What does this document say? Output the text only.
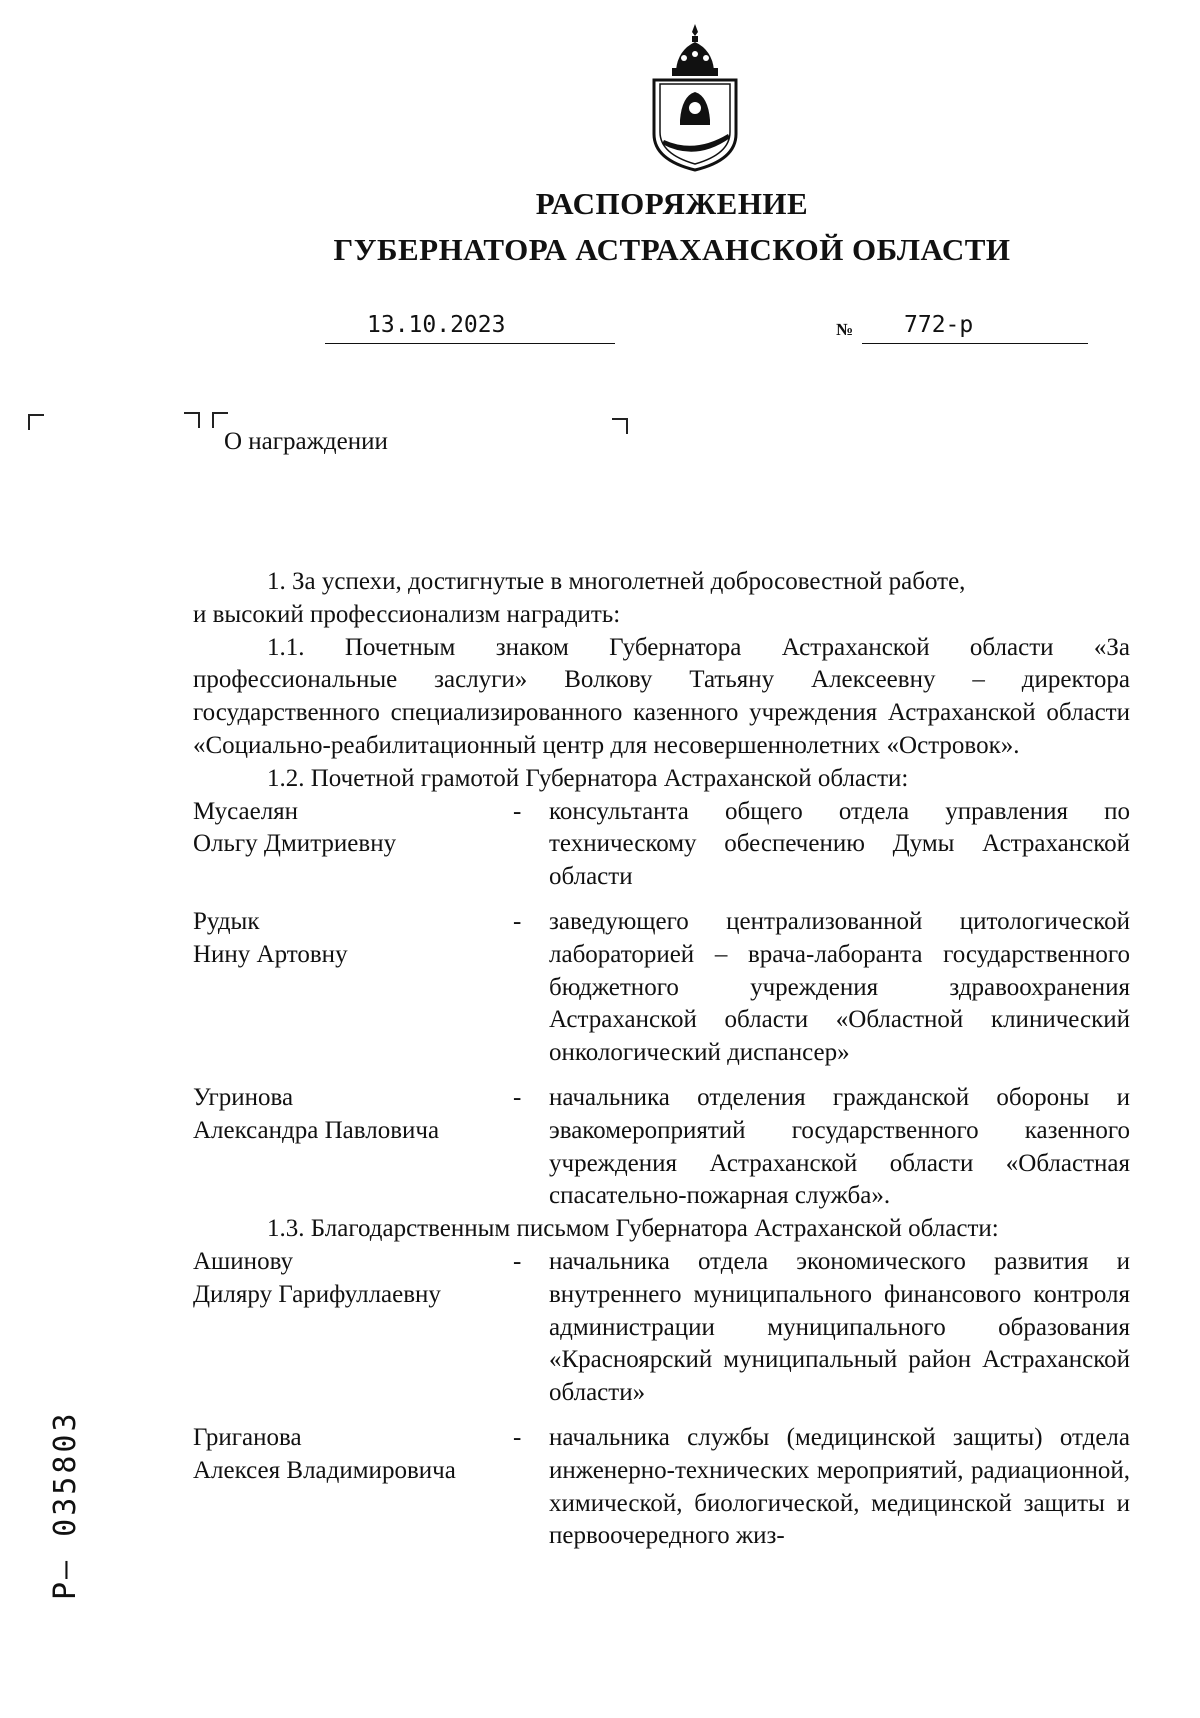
РАСПОРЯЖЕНИЕ
ГУБЕРНАТОРА АСТРАХАНСКОЙ ОБЛАСТИ
13.10.2023	№	772-р
О награждении

1. За успехи, достигнутые в многолетней добросовестной работе,

и высокий профессионализм наградить:

1.1. Почетным знаком Губернатора Астраханской области «За профессиональные заслуги» Волкову Татьяну Алексеевну – директора государственного специализированного казенного учреждения Астраханской области «Социально-реабилитационный центр для несовершеннолетних «Островок».

1.2. Почетной грамотой Губернатора Астраханской области:

Мусаелян
Ольгу Дмитриевну
-	консультанта общего отдела управления по техническому обеспечению Думы Астраханской области
Рудык
Нину Артовну
-	заведующего централизованной цитологической лабораторией – врача-лаборанта государственного бюджетного учреждения здравоохранения Астраханской области «Областной клинический онкологический диспансер»
Угринова
Александра Павловича
-	начальника отделения гражданской обороны и эвакомероприятий государственного казенного учреждения Астраханской области «Областная спасательно-пожарная служба».

1.3. Благодарственным письмом Губернатора Астраханской области:

Ашинову
Диляру Гарифуллаевну
-	начальника отдела экономического развития и внутреннего муниципального финансового контроля администрации муниципального образования «Красноярский муниципальный район Астраханской области»
Григанова
Алексея Владимировича
-	начальника службы (медицинской защиты) отдела инженерно-технических мероприятий, радиационной, химической, биологической, медицинской защиты и первоочередного жиз-
Р– 035803
